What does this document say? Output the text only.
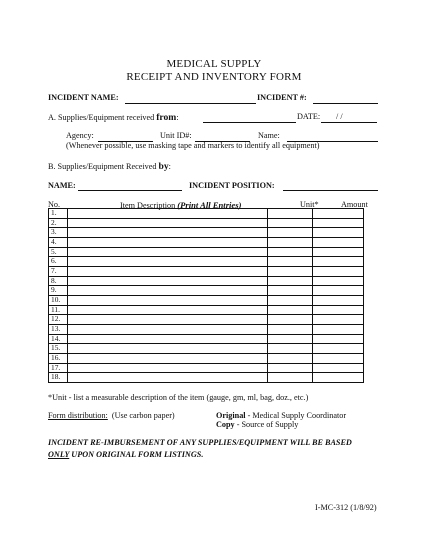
MEDICAL SUPPLY
RECEIPT AND INVENTORY FORM
INCIDENT NAME:	INCIDENT #:
A. Supplies/Equipment received from:	DATE: / /
Agency:	Unit ID#:	Name:
(Whenever possible, use masking tape and markers to identify all equipment)
B. Supplies/Equipment Received by:
NAME:	INCIDENT POSITION:
No.	Item Description (Print All Entries)	Unit*	Amount
1.			
2.			
3.			
4.			
5.			
6.			
7.			
8.			
9.			
10.			
11.			
12.			
13.			
14.			
15.			
16.			
17.			
18.			
*Unit - list a measurable description of the item (gauge, gm, ml, bag, doz., etc.)
Form distribution: (Use carbon paper)	Original - Medical Supply Coordinator
Copy - Source of Supply
INCIDENT RE-IMBURSEMENT OF ANY SUPPLIES/EQUIPMENT WILL BE BASED
ONLY UPON ORIGINAL FORM LISTINGS.
I-MC-312 (1/8/92)
